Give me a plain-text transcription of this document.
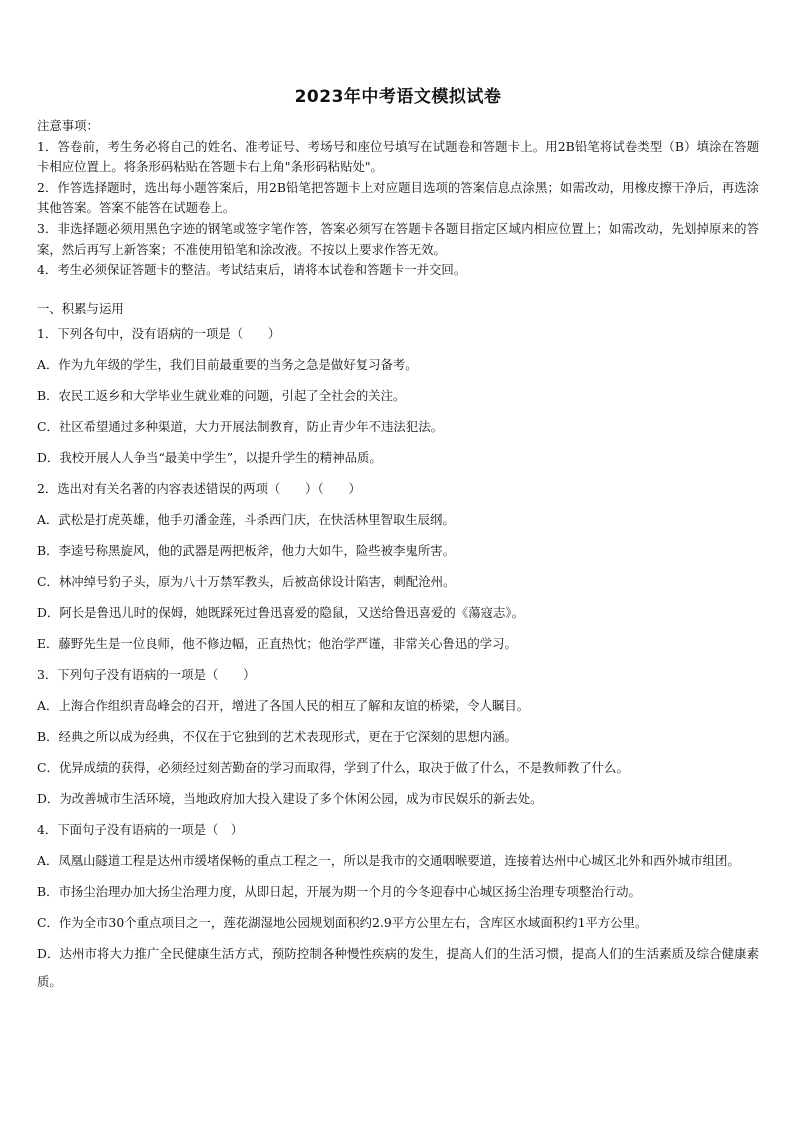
2023年中考语文模拟试卷

注意事项：

1．答卷前，考生务必将自己的姓名、准考证号、考场号和座位号填写在试题卷和答题卡上。用2B铅笔将试卷类型（B）填涂在答题卡相应位置上。将条形码粘贴在答题卡右上角"条形码粘贴处"。

2．作答选择题时，选出每小题答案后，用2B铅笔把答题卡上对应题目选项的答案信息点涂黑；如需改动，用橡皮擦干净后，再选涂其他答案。答案不能答在试题卷上。

3．非选择题必须用黑色字迹的钢笔或签字笔作答，答案必须写在答题卡各题目指定区域内相应位置上；如需改动，先划掉原来的答案，然后再写上新答案；不准使用铅笔和涂改液。不按以上要求作答无效。

4．考生必须保证答题卡的整洁。考试结束后，请将本试卷和答题卡一并交回。

一、积累与运用

1．下列各句中，没有语病的一项是（　　）

A．作为九年级的学生，我们目前最重要的当务之急是做好复习备考。

B．农民工返乡和大学毕业生就业难的问题，引起了全社会的关注。

C．社区希望通过多种渠道，大力开展法制教育，防止青少年不违法犯法。

D．我校开展人人争当“最美中学生”，以提升学生的精神品质。

2．选出对有关名著的内容表述错误的两项（　　）（　　）

A．武松是打虎英雄，他手刃潘金莲，斗杀西门庆，在快活林里智取生辰纲。

B．李逵号称黑旋风，他的武器是两把板斧，他力大如牛，险些被李鬼所害。

C．林冲绰号豹子头，原为八十万禁军教头，后被高俅设计陷害，刺配沧州。

D．阿长是鲁迅儿时的保姆，她既踩死过鲁迅喜爱的隐鼠，又送给鲁迅喜爱的《蕩寇志》。

E．藤野先生是一位良师，他不修边幅，正直热忱；他治学严谨，非常关心鲁迅的学习。

3．下列句子没有语病的一项是（　　）

A．上海合作组织青岛峰会的召开，增进了各国人民的相互了解和友谊的桥梁，令人瞩目。

B．经典之所以成为经典，不仅在于它独到的艺术表现形式，更在于它深刻的思想内涵。

C．优异成绩的获得，必须经过刻苦勤奋的学习而取得，学到了什么，取决于做了什么，不是教师教了什么。

D．为改善城市生活环境，当地政府加大投入建设了多个休闲公园，成为市民娱乐的新去处。

4．下面句子没有语病的一项是（　）

A．凤凰山隧道工程是达州市缓堵保畅的重点工程之一，所以是我市的交通咽喉要道，连接着达州中心城区北外和西外城市组团。

B．市扬尘治理办加大扬尘治理力度，从即日起，开展为期一个月的今冬迎春中心城区扬尘治理专项整治行动。

C．作为全市30个重点项目之一，莲花湖湿地公园规划面积约2.9平方公里左右，含库区水域面积约1平方公里。

D．达州市将大力推广全民健康生活方式，预防控制各种慢性疾病的发生，提高人们的生活习惯，提高人们的生活素质及综合健康素质。
